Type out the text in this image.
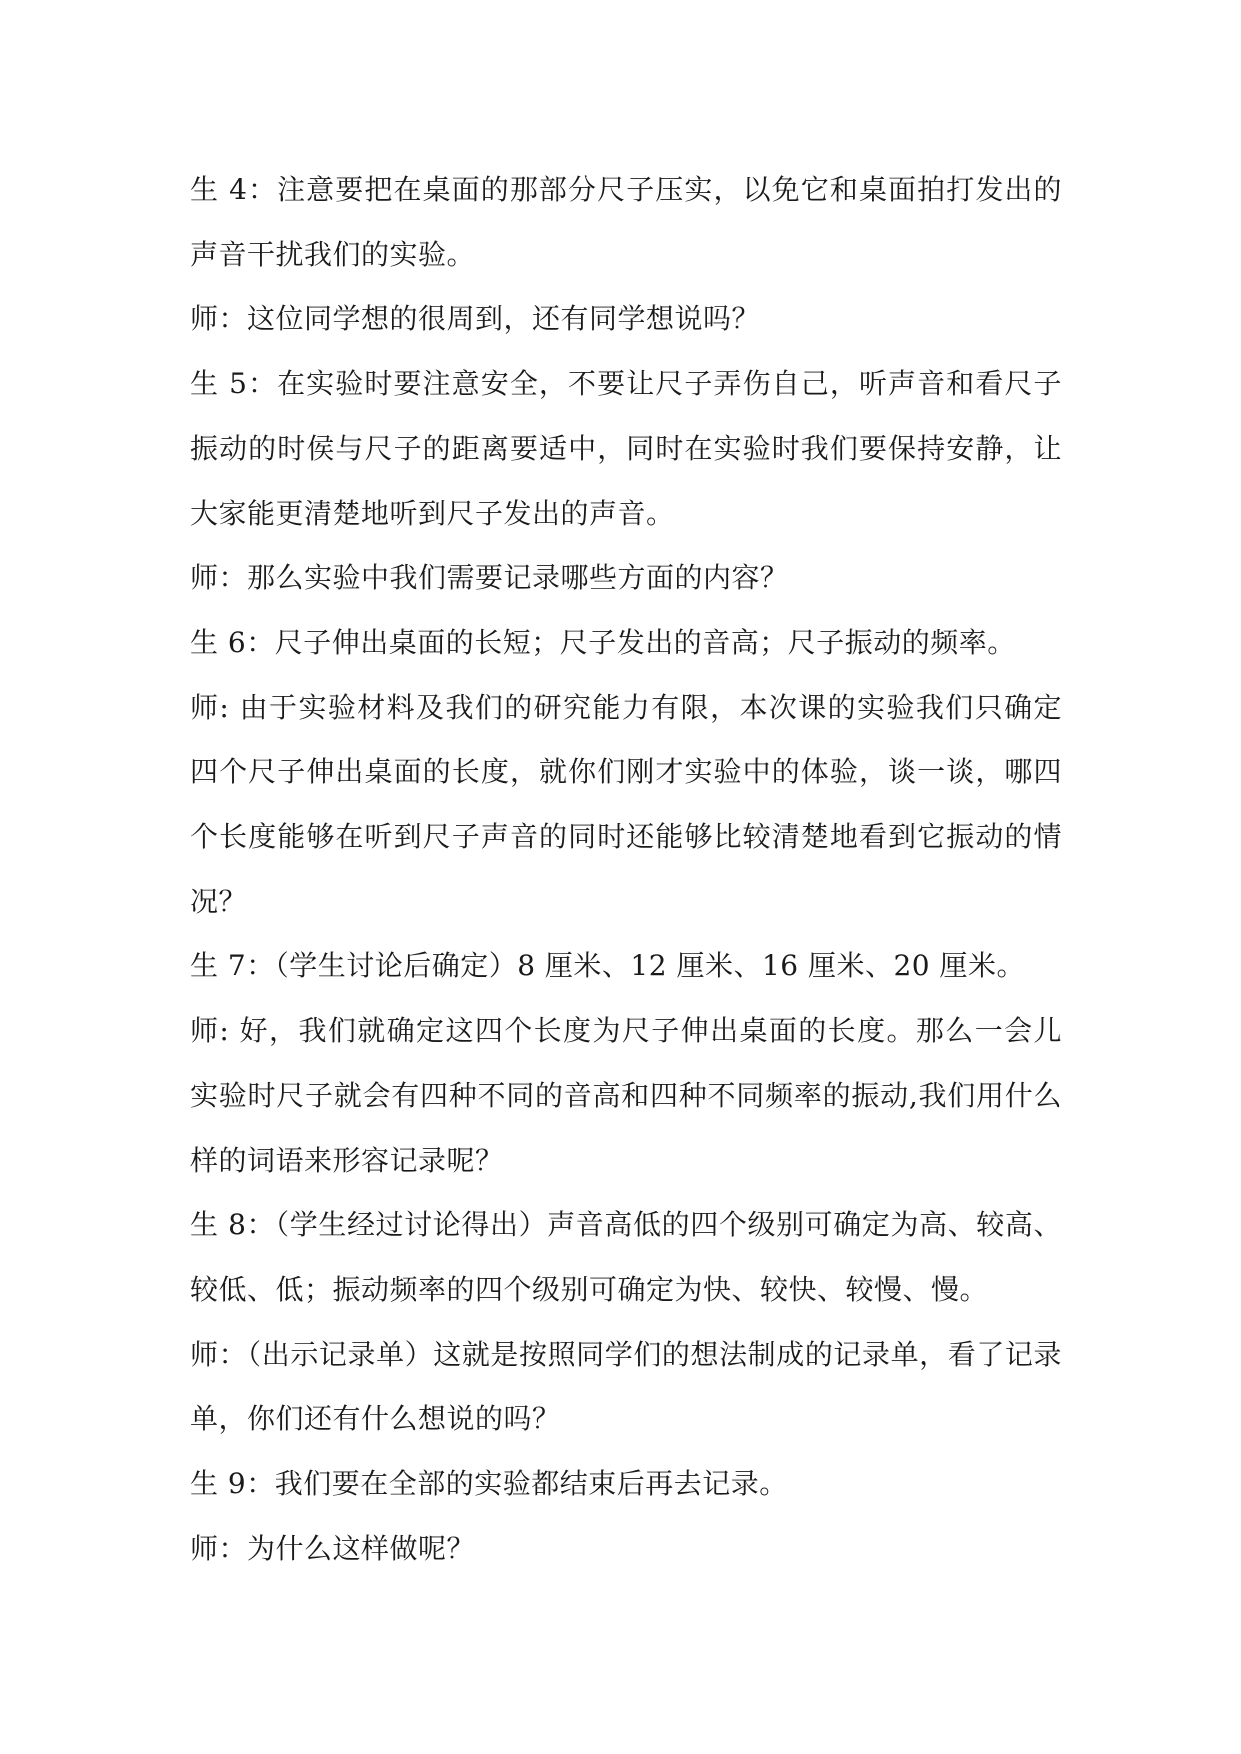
生 4：注意要把在桌面的那部分尺子压实，以免它和桌面拍打发出的声音干扰我们的实验。

师：这位同学想的很周到，还有同学想说吗？

生 5：在实验时要注意安全，不要让尺子弄伤自己，听声音和看尺子振动的时侯与尺子的距离要适中，同时在实验时我们要保持安静，让大家能更清楚地听到尺子发出的声音。

师：那么实验中我们需要记录哪些方面的内容？

生 6：尺子伸出桌面的长短；尺子发出的音高；尺子振动的频率。

师: 由于实验材料及我们的研究能力有限，本次课的实验我们只确定四个尺子伸出桌面的长度，就你们刚才实验中的体验，谈一谈，哪四个长度能够在听到尺子声音的同时还能够比较清楚地看到它振动的情况？

生 7：（学生讨论后确定）8 厘米、12 厘米、16 厘米、20 厘米。

师: 好，我们就确定这四个长度为尺子伸出桌面的长度。那么一会儿实验时尺子就会有四种不同的音高和四种不同频率的振动,我们用什么样的词语来形容记录呢？

生 8：（学生经过讨论得出）声音高低的四个级别可确定为高、较高、较低、低；振动频率的四个级别可确定为快、较快、较慢、慢。

师：（出示记录单）这就是按照同学们的想法制成的记录单，看了记录单，你们还有什么想说的吗？

生 9：我们要在全部的实验都结束后再去记录。

师：为什么这样做呢？
